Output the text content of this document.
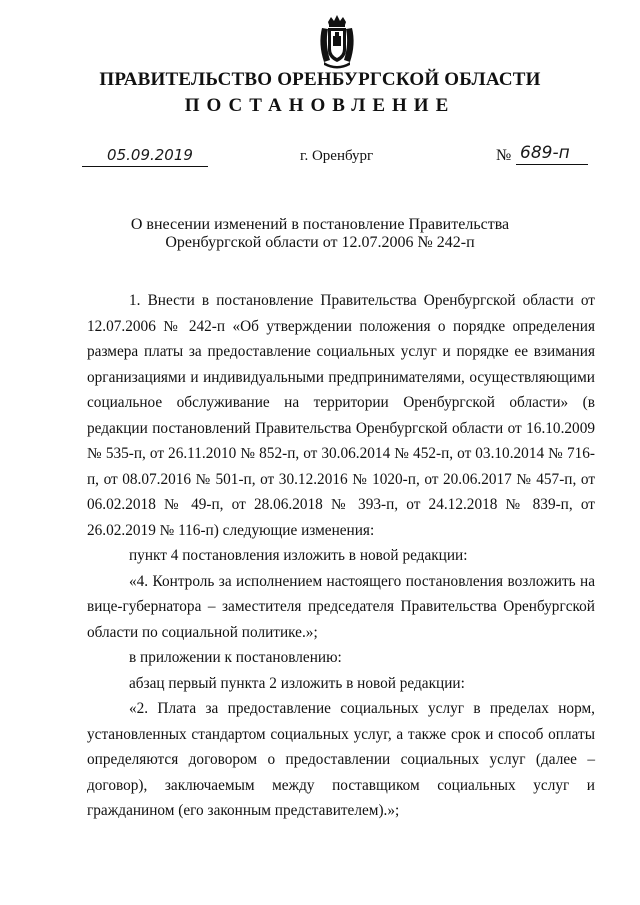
ПРАВИТЕЛЬСТВО ОРЕНБУРГСКОЙ ОБЛАСТИ
ПОСТАНОВЛЕНИЕ
05.09.2019	г. Оренбург	№ 689-п
О внесении изменений в постановление Правительства
Оренбургской области от 12.07.2006 № 242-п

1. Внести в постановление Правительства Оренбургской области от 12.07.2006 № 242-п «Об утверждении положения о порядке определения размера платы за предоставление социальных услуг и порядке ее взимания организациями и индивидуальными предпринимателями, осуществляющими социальное обслуживание на территории Оренбургской области» (в редакции постановлений Правительства Оренбургской области от 16.10.2009 № 535-п, от 26.11.2010 № 852-п, от 30.06.2014 № 452-п, от 03.10.2014 № 716-п, от 08.07.2016 № 501-п, от 30.12.2016 № 1020-п, от 20.06.2017 № 457-п, от 06.02.2018 № 49-п, от 28.06.2018 № 393-п, от 24.12.2018 № 839-п, от 26.02.2019 № 116-п) следующие изменения:

пункт 4 постановления изложить в новой редакции:

«4. Контроль за исполнением настоящего постановления возложить на вице-губернатора – заместителя председателя Правительства Оренбургской области по социальной политике.»;

в приложении к постановлению:

абзац первый пункта 2 изложить в новой редакции:

«2. Плата за предоставление социальных услуг в пределах норм, установленных стандартом социальных услуг, а также срок и способ оплаты определяются договором о предоставлении социальных услуг (далее – договор), заключаемым между поставщиком социальных услуг и гражданином (его законным представителем).»;
